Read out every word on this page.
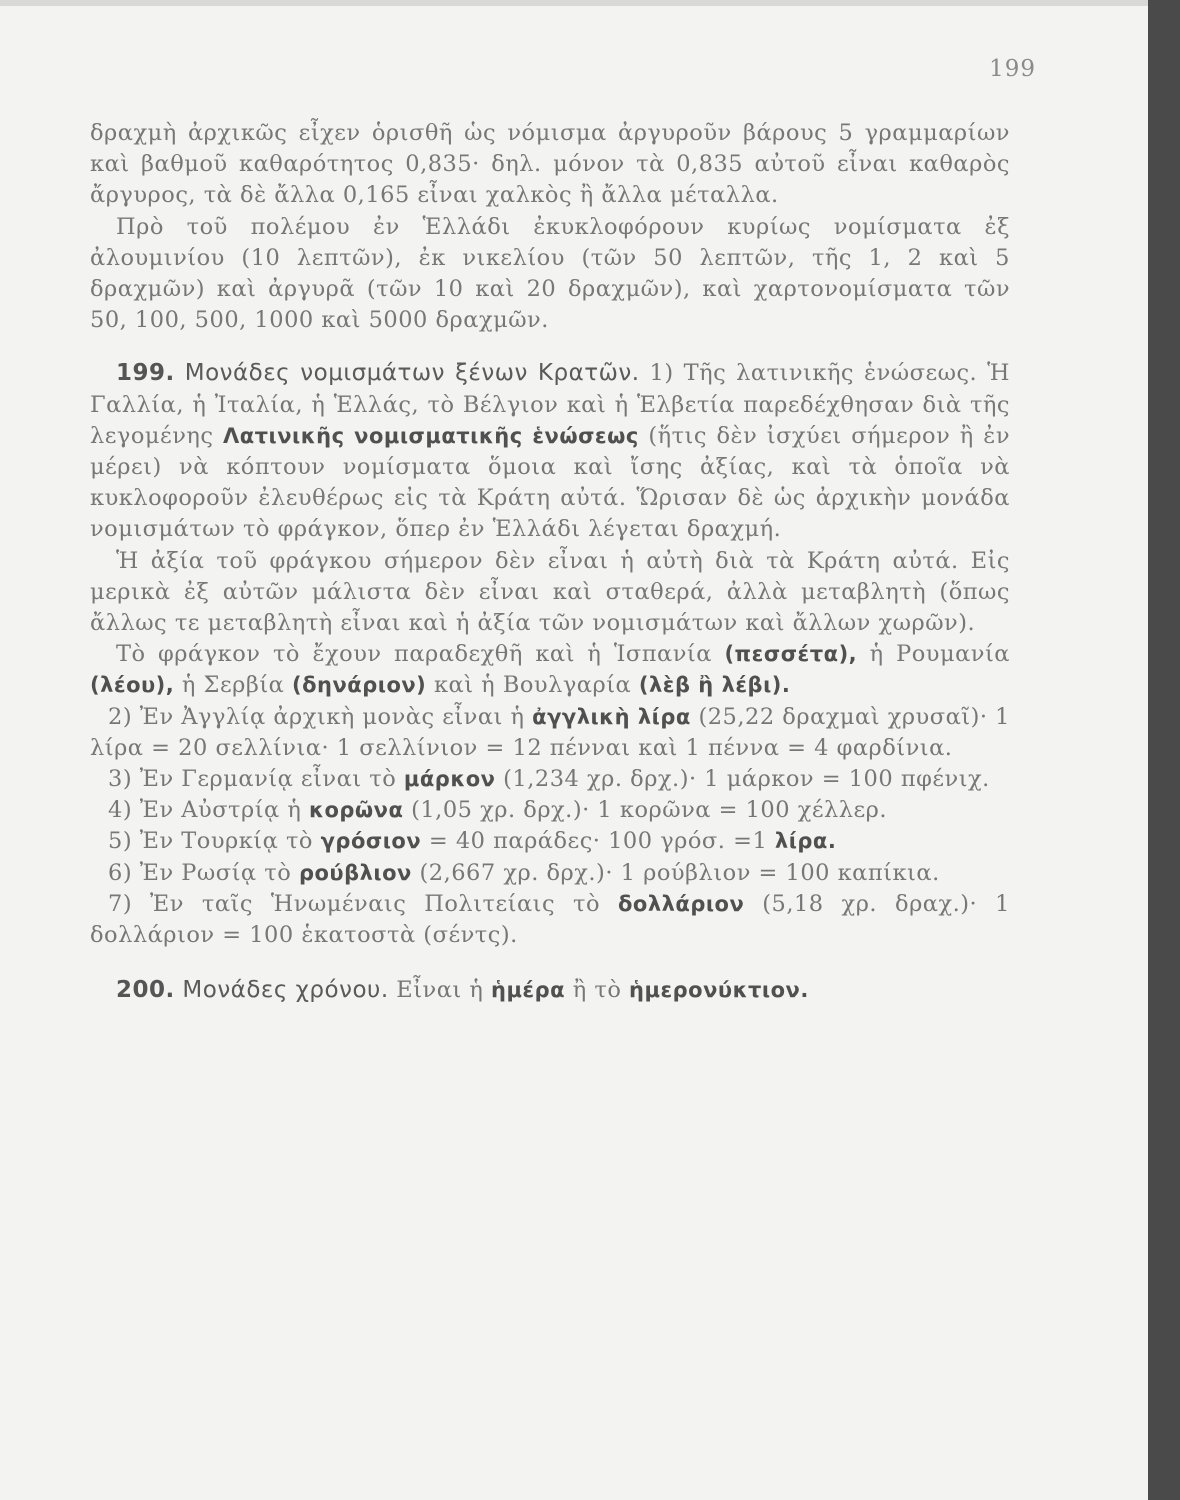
199

δραχμὴ ἀρχικῶς εἶχεν ὁρισθῆ ὡς νόμισμα ἀργυροῦν βάρους 5 γραμμαρίων καὶ βαθμοῦ καθαρότητος 0,835· δηλ. μόνον τὰ 0,835 αὐτοῦ εἶναι καθαρὸς ἄργυρος, τὰ δὲ ἄλλα 0,165 εἶναι χαλκὸς ἢ ἄλλα μέταλλα.

Πρὸ τοῦ πολέμου ἐν Ἑλλάδι ἐκυκλοφόρουν κυρίως νομίσματα ἐξ ἀλουμινίου (10 λεπτῶν), ἐκ νικελίου (τῶν 50 λεπτῶν, τῆς 1, 2 καὶ 5 δραχμῶν) καὶ ἀργυρᾶ (τῶν 10 καὶ 20 δραχμῶν), καὶ χαρτονομίσματα τῶν 50, 100, 500, 1000 καὶ 5000 δραχμῶν.

199. Μονάδες νομισμάτων ξένων Κρατῶν. 1) Τῆς λατινικῆς ἑνώσεως. Ἡ Γαλλία, ἡ Ἰταλία, ἡ Ἑλλάς, τὸ Βέλγιον καὶ ἡ Ἑλβετία παρεδέχθησαν διὰ τῆς λεγομένης Λατινικῆς νομισματικῆς ἑνώσεως (ἥτις δὲν ἰσχύει σήμερον ἢ ἐν μέρει) νὰ κόπτουν νομίσματα ὅμοια καὶ ἴσης ἀξίας, καὶ τὰ ὁποῖα νὰ κυκλοφοροῦν ἐλευθέρως εἰς τὰ Κράτη αὐτά. Ὥρισαν δὲ ὡς ἀρχικὴν μονάδα νομισμάτων τὸ φράγκον, ὅπερ ἐν Ἑλλάδι λέγεται δραχμή.

Ἡ ἀξία τοῦ φράγκου σήμερον δὲν εἶναι ἡ αὐτὴ διὰ τὰ Κράτη αὐτά. Εἰς μερικὰ ἐξ αὐτῶν μάλιστα δὲν εἶναι καὶ σταθερά, ἀλλὰ μεταβλητὴ (ὅπως ἄλλως τε μεταβλητὴ εἶναι καὶ ἡ ἀξία τῶν νομισμάτων καὶ ἄλλων χωρῶν).

Τὸ φράγκον τὸ ἔχουν παραδεχθῆ καὶ ἡ Ἱσπανία (πεσσέτα), ἡ Ρουμανία (λέου), ἡ Σερβία (δηνάριον) καὶ ἡ Βουλγαρία (λὲβ ἢ λέβι).

2) Ἐν Ἀγγλίᾳ ἀρχικὴ μονὰς εἶναι ἡ ἀγγλικὴ λίρα (25,22 δραχμαὶ χρυσαῖ)· 1 λίρα = 20 σελλίνια· 1 σελλίνιον = 12 πένναι καὶ 1 πέννα = 4 φαρδίνια.

3) Ἐν Γερμανίᾳ εἶναι τὸ μάρκον (1,234 χρ. δρχ.)· 1 μάρκον = 100 πφένιχ.

4) Ἐν Αὐστρίᾳ ἡ κορῶνα (1,05 χρ. δρχ.)· 1 κορῶνα = 100 χέλλερ.

5) Ἐν Τουρκίᾳ τὸ γρόσιον = 40 παράδες· 100 γρόσ. =1 λίρα.

6) Ἐν Ρωσίᾳ τὸ ρούβλιον (2,667 χρ. δρχ.)· 1 ρούβλιον = 100 καπίκια.

7) Ἐν ταῖς Ἡνωμέναις Πολιτείαις τὸ δολλάριον (5,18 χρ. δραχ.)· 1 δολλάριον = 100 ἑκατοστὰ (σέντς).

200. Μονάδες χρόνου. Εἶναι ἡ ἡμέρα ἢ τὸ ἡμερονύκτιον.
